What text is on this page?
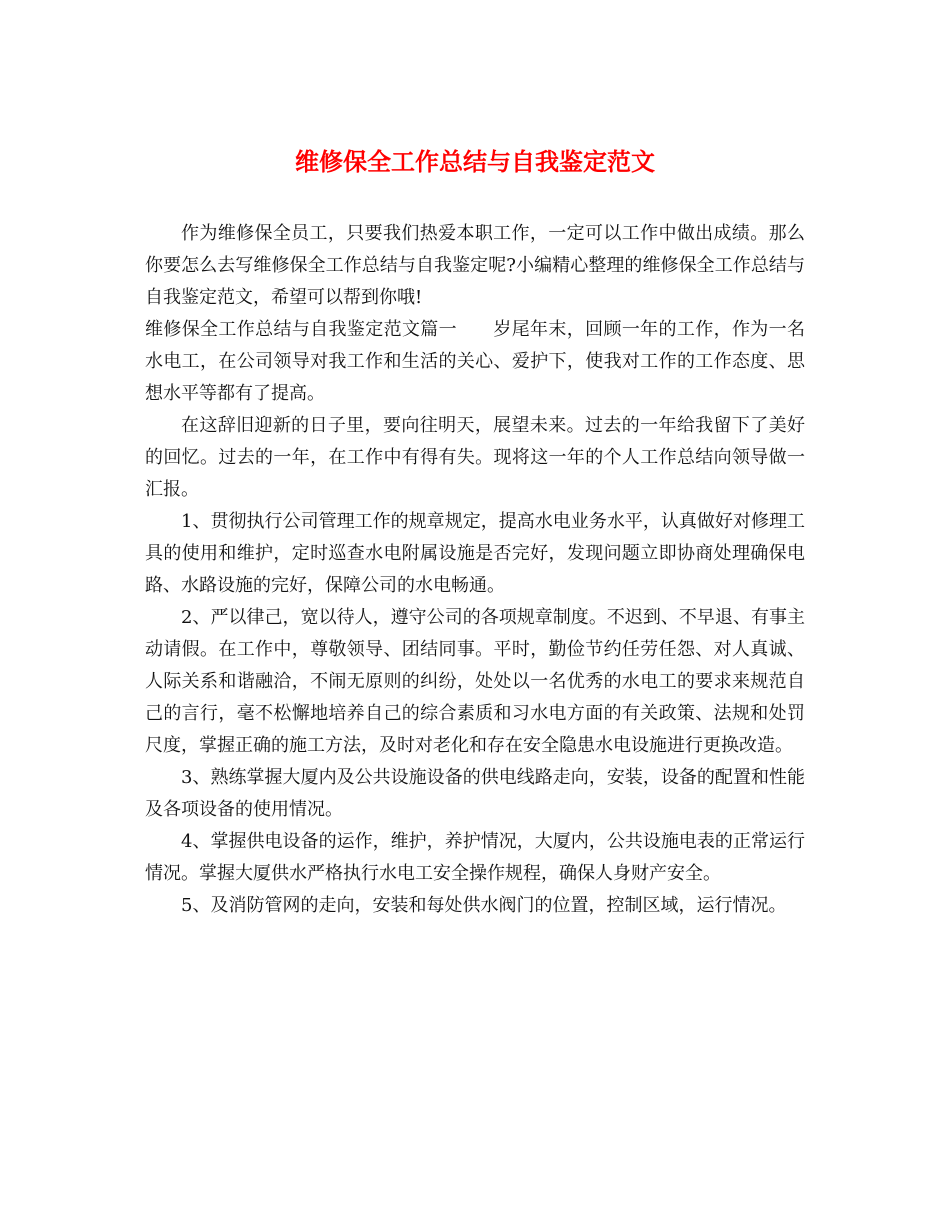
维修保全工作总结与自我鉴定范文

作为维修保全员工，只要我们热爱本职工作，一定可以工作中做出成绩。那么你要怎么去写维修保全工作总结与自我鉴定呢?小编精心整理的维修保全工作总结与自我鉴定范文，希望可以帮到你哦!

维修保全工作总结与自我鉴定范文篇一 岁尾年末，回顾一年的工作，作为一名水电工，在公司领导对我工作和生活的关心、爱护下，使我对工作的工作态度、思想水平等都有了提高。

在这辞旧迎新的日子里，要向往明天，展望未来。过去的一年给我留下了美好的回忆。过去的一年，在工作中有得有失。现将这一年的个人工作总结向领导做一汇报。

1、贯彻执行公司管理工作的规章规定，提高水电业务水平，认真做好对修理工具的使用和维护，定时巡查水电附属设施是否完好，发现问题立即协商处理确保电路、水路设施的完好，保障公司的水电畅通。

2、严以律己，宽以待人，遵守公司的各项规章制度。不迟到、不早退、有事主动请假。在工作中，尊敬领导、团结同事。平时，勤俭节约任劳任怨、对人真诚、人际关系和谐融洽，不闹无原则的纠纷，处处以一名优秀的水电工的要求来规范自己的言行，毫不松懈地培养自己的综合素质和习水电方面的有关政策、法规和处罚尺度，掌握正确的施工方法，及时对老化和存在安全隐患水电设施进行更换改造。

3、熟练掌握大厦内及公共设施设备的供电线路走向，安装，设备的配置和性能及各项设备的使用情况。

4、掌握供电设备的运作，维护，养护情况，大厦内，公共设施电表的正常运行情况。掌握大厦供水严格执行水电工安全操作规程，确保人身财产安全。

5、及消防管网的走向，安装和每处供水阀门的位置，控制区域，运行情况。
